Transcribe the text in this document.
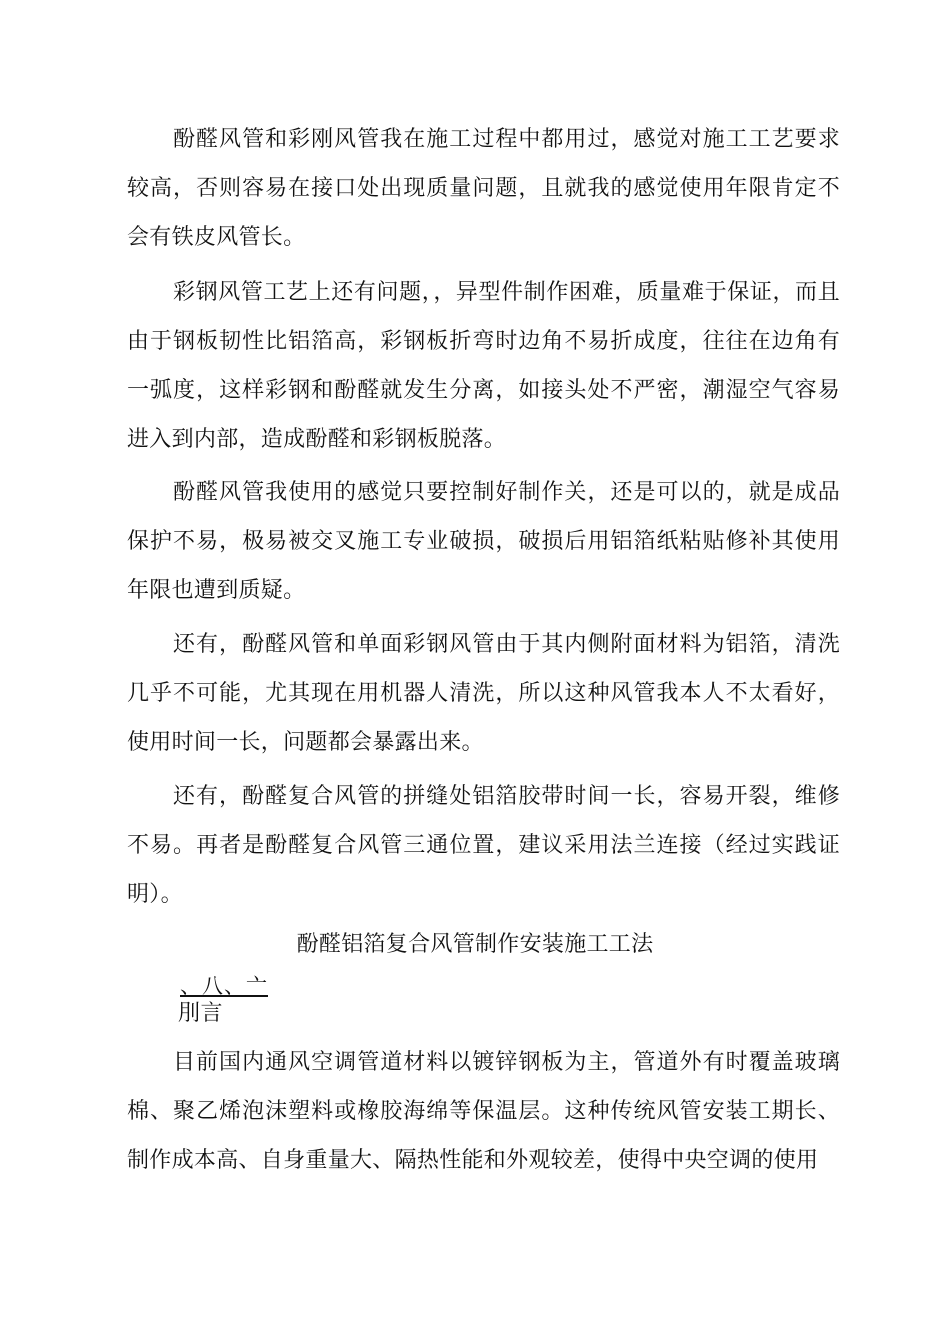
酚醛风管和彩刚风管我在施工过程中都用过，感觉对施工工艺要求较高，否则容易在接口处出现质量问题，且就我的感觉使用年限肯定不会有铁皮风管长。

彩钢风管工艺上还有问题，，异型件制作困难，质量难于保证，而且由于钢板韧性比铝箔高，彩钢板折弯时边角不易折成度，往往在边角有一弧度，这样彩钢和酚醛就发生分离，如接头处不严密，潮湿空气容易进入到内部，造成酚醛和彩钢板脱落。

酚醛风管我使用的感觉只要控制好制作关，还是可以的，就是成品保护不易，极易被交叉施工专业破损，破损后用铝箔纸粘贴修补其使用年限也遭到质疑。

还有，酚醛风管和单面彩钢风管由于其内侧附面材料为铝箔，清洗几乎不可能，尤其现在用机器人清洗，所以这种风管我本人不太看好，使用时间一长，问题都会暴露出来。

还有，酚醛复合风管的拼缝处铝箔胶带时间一长，容易开裂，维修不易。再者是酚醛复合风管三通位置，建议采用法兰连接（经过实践证明）。

酚醛铝箔复合风管制作安装施工工法
、八、亠
刖言

目前国内通风空调管道材料以镀锌钢板为主，管道外有时覆盖玻璃棉、聚乙烯泡沫塑料或橡胶海绵等保温层。这种传统风管安装工期长、制作成本高、自身重量大、隔热性能和外观较差，使得中央空调的使用
